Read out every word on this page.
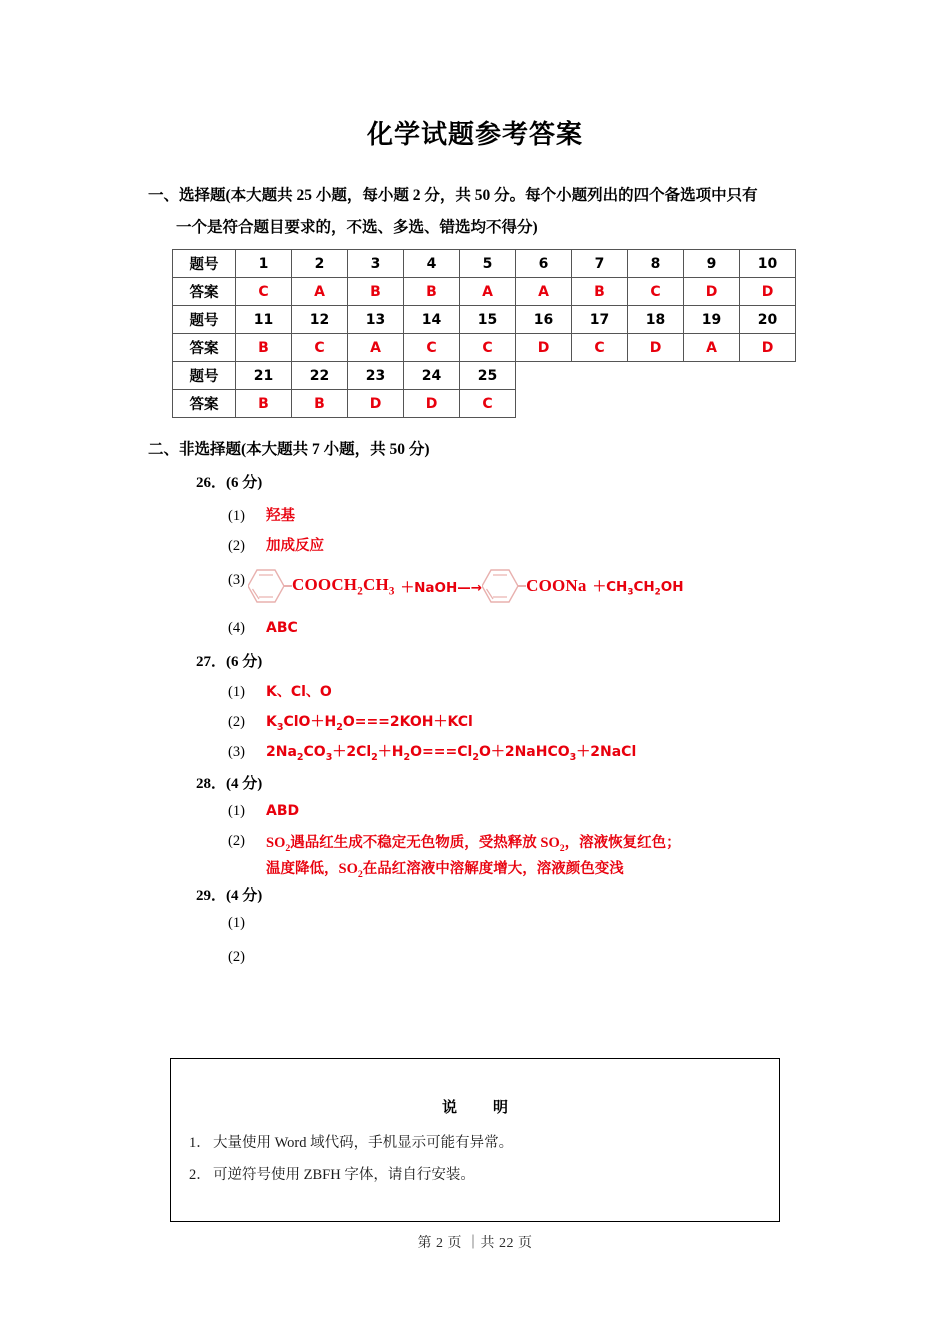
化学试题参考答案
一、选择题(本大题共 25 小题，每小题 2 分，共 50 分。每个小题列出的四个备选项中只有
一个是符合题目要求的，不选、多选、错选均不得分)
题号	1	2	3	4	5	6	7	8	9	10
答案	C	A	B	B	A	A	B	C	D	D
题号	11	12	13	14	15	16	17	18	19	20
答案	B	C	A	C	C	D	C	D	A	D
题号	21	22	23	24	25					
答案	B	B	D	D	C					
二、非选择题(本大题共 7 小题，共 50 分)
26．(6 分)
(1) 羟基
(2) 加成反应
(3)	$COOCH_2CH_3$ ＋NaOH—→	COONa $+CH_3CH_2OH$
(4) ABC
27．(6 分)
(1) K、Cl、O
(2) $K_3ClO+H_2O===2KOH+KCl$
(3) $2Na_2CO_3+2Cl_2+H_2O===Cl_2O+2NaHCO_3+2NaCl$
28．(4 分)
(1) ABD
(2)	$SO_2$遇品红生成不稳定无色物质，受热释放 $SO_2$，溶液恢复红色；
温度降低，$SO_2$在品红溶液中溶解度增大，溶液颜色变浅
29．(4 分)
(1)
(2)
说　　明
1． 大量使用 Word 域代码，手机显示可能有异常。
2． 可逆符号使用 ZBFH 字体，请自行安装。
第 2 页 ｜共 22 页
